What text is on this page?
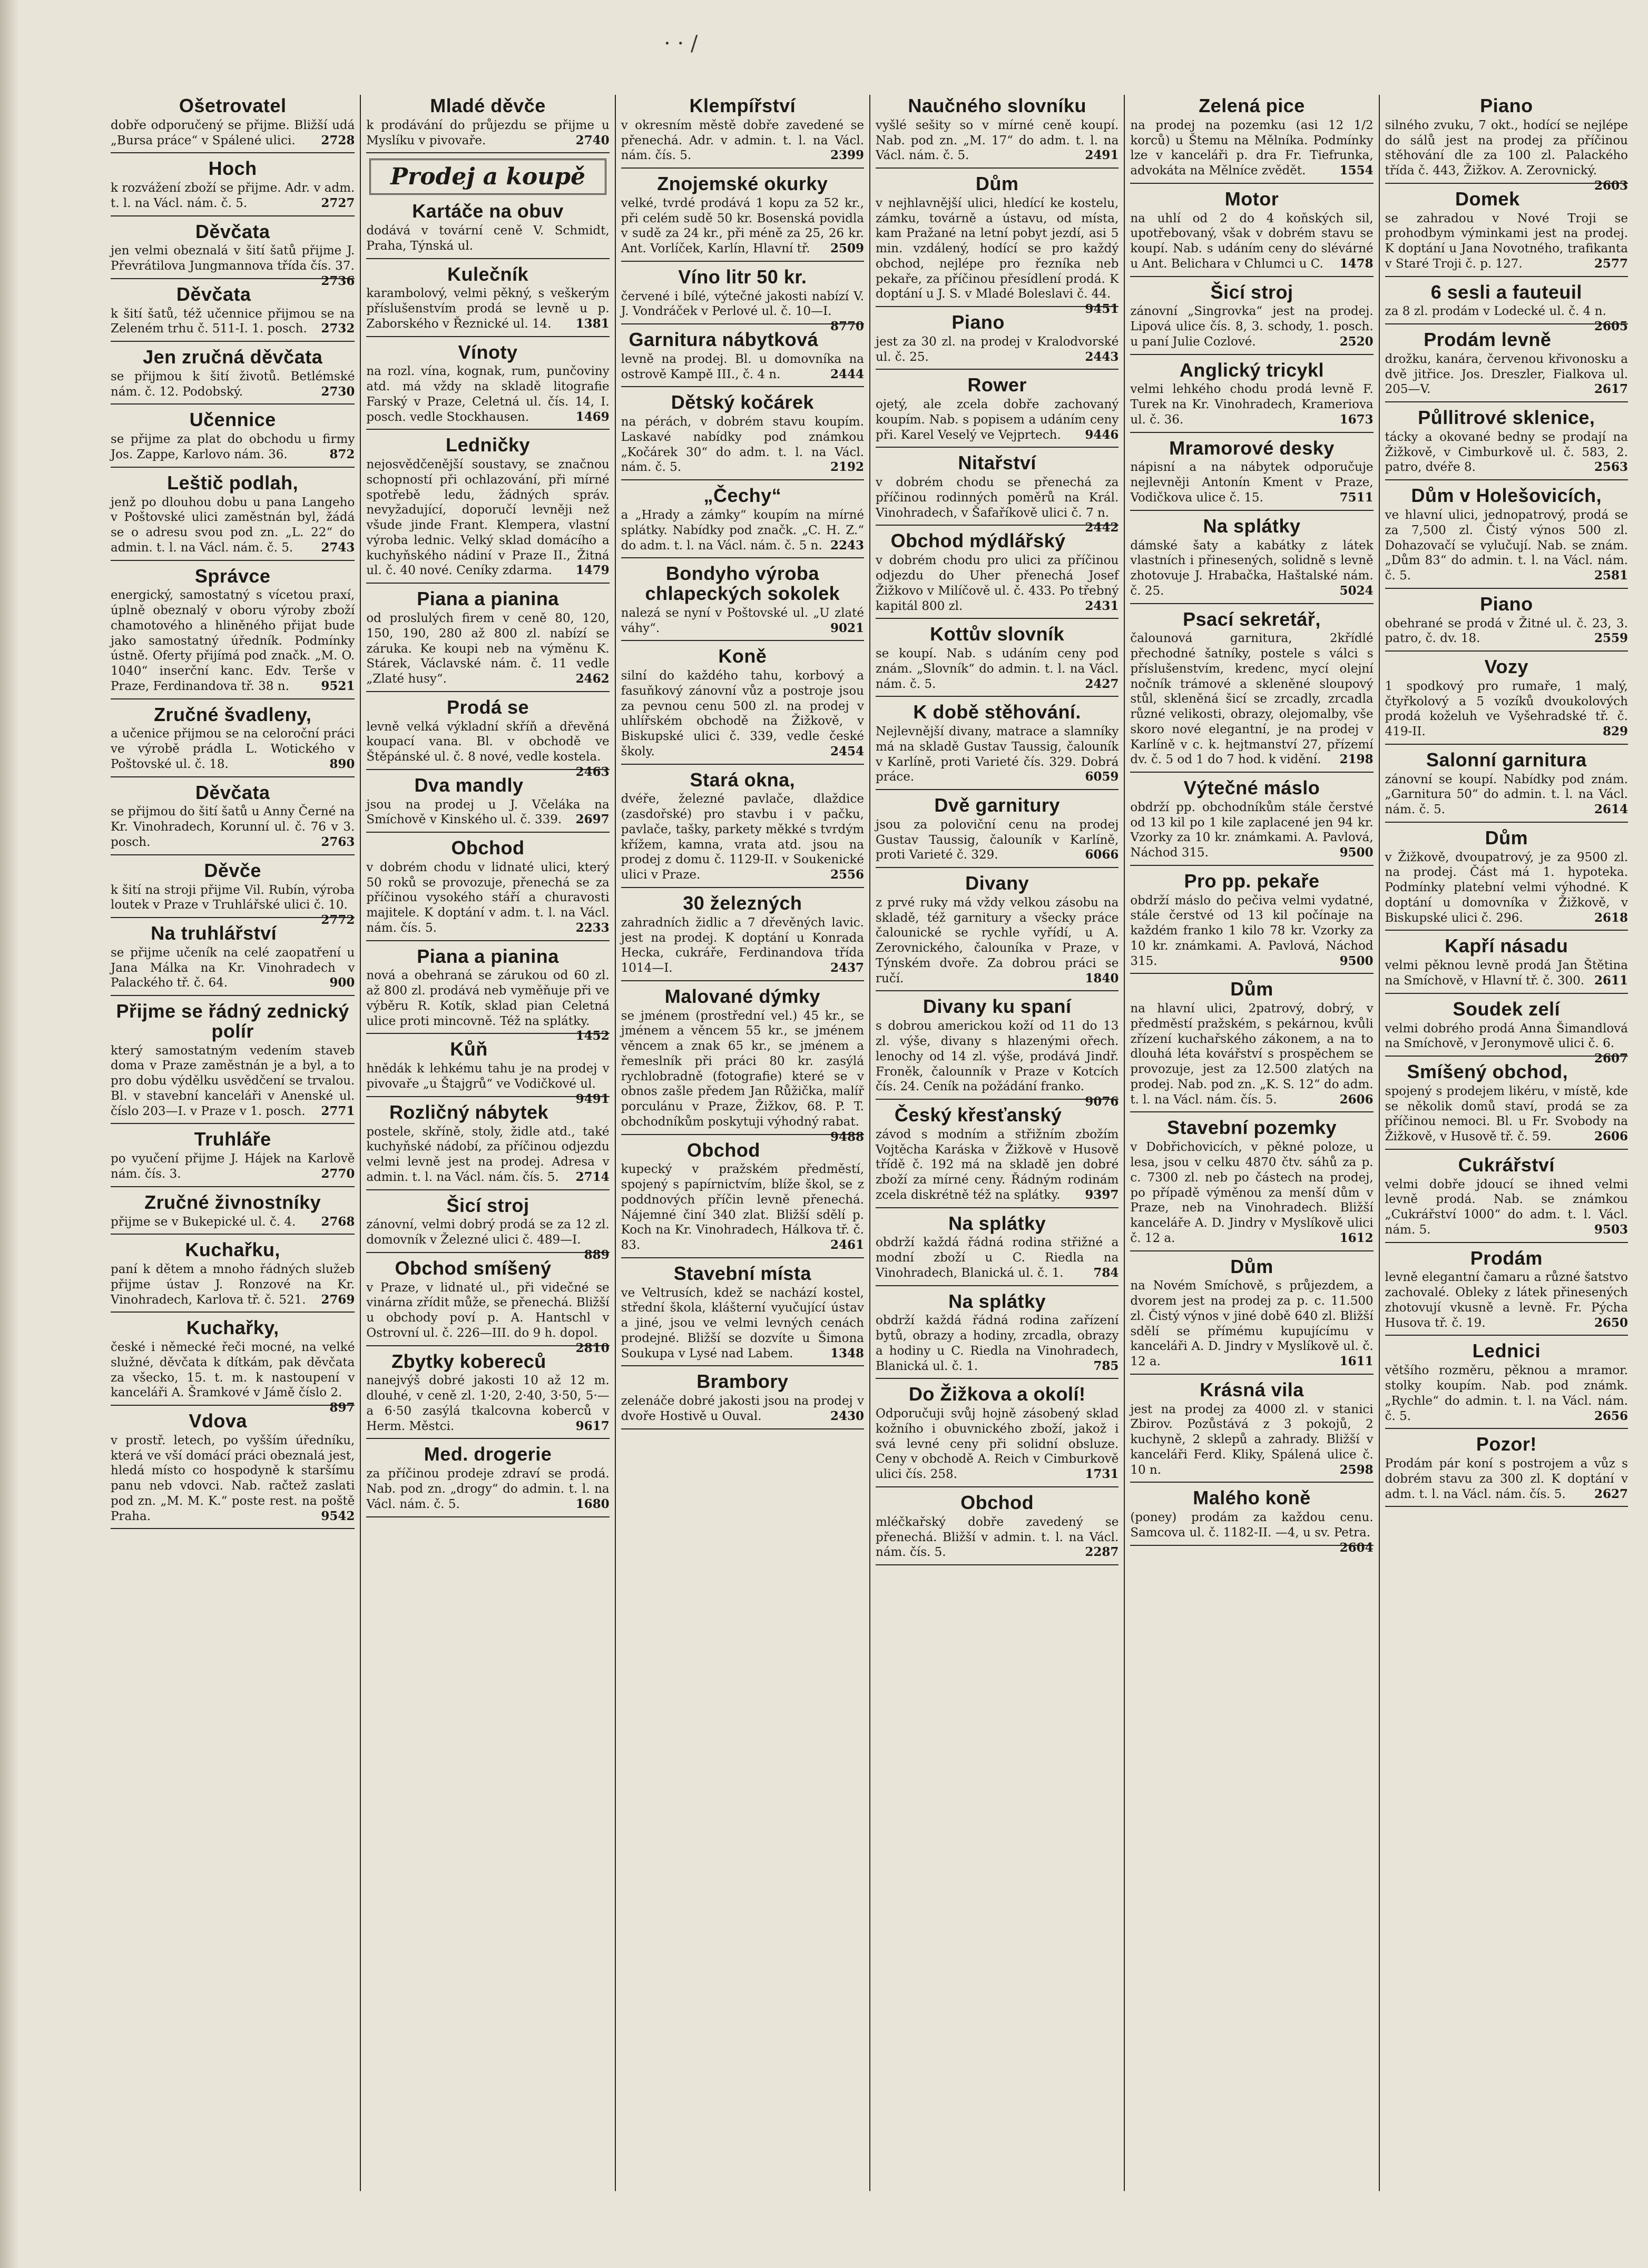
· · /
Ošetrovatel
dobře odporučený se přijme. Bližší udá „Bursa práce“ v Spálené ulici. 2728
Hoch
k rozvážení zboží se přijme. Adr. v adm. t. l. na Václ. nám. č. 5.	2727
Děvčata
jen velmi obeznalá v šití šatů přijme J. Převrátilova Jungmannova třída čís. 37.
2736
Děvčata
k šití šatů, též učennice přijmou se na Zeleném trhu č. 511-I. 1. posch. 2732
Jen zručná děvčata
se přijmou k šití životů. Betlémské nám. č. 12. Podobský.	2730
Učennice
se přijme za plat do obchodu u firmy Jos. Zappe, Karlovo nám. 36.	872
Leštič podlah,
jenž po dlouhou dobu u pana Langeho v Poštovské ulici zaměstnán byl, žádá se o adresu svou pod zn. „L. 22“ do admin. t. l. na Václ. nám. č. 5. 2743
Správce
energický, samostatný s vícetou praxí, úplně obeznalý v oboru výroby zboží chamotového a hliněného přijat bude jako samostatný úředník. Podmínky ústně. Oferty přijímá pod značk. „M. O. 1040“ inserční kanc. Edv. Terše v Praze, Ferdinandova tř. 38 n.	9521
Zručné švadleny,
a učenice přijmou se na celoroční práci ve výrobě prádla L. Wotického v Poštovské ul. č. 18.	890
Děvčata
se přijmou do šití šatů u Anny Černé na Kr. Vinohradech, Korunní ul. č. 76 v 3. posch.	2763
Děvče
k šití na stroji přijme Vil. Rubín, výroba loutek v Praze v Truhlářské ulici č. 10.
2772
Na truhlářství
se přijme učeník na celé zaopatření u Jana Málka na Kr. Vinohradech v Palackého tř. č. 64.	900
Přijme se řádný zednický polír
který samostatným vedením staveb doma v Praze zaměstnán je a byl, a to pro dobu výdělku usvědčení se trvalou. Bl. v stavební kanceláři v Anenské ul. číslo 203—I. v Praze v 1. posch. 2771
Truhláře
po vyučení přijme J. Hájek na Karlově nám. čís. 3.	2770
Zručné živnostníky
přijme se v Bukepické ul. č. 4. 2768
Kuchařku,
paní k dětem a mnoho řádných služeb přijme ústav J. Ronzové na Kr. Vinohradech, Karlova tř. č. 521. 2769
Kuchařky,
české i německé řeči mocné, na velké služné, děvčata k dítkám, pak děvčata za všecko, 15. t. m. k nastoupení v kanceláři A. Šramkové v Jámě číslo 2.
897
Vdova
v prostř. letech, po vyšším úředníku, která ve vší domácí práci obeznalá jest, hledá místo co hospodyně k staršímu panu neb vdovci. Nab. račtež zaslati pod zn. „M. M. K.“ poste rest. na poště Praha.	9542
Mladé děvče
k prodávání do průjezdu se přijme u Myslíku v pivovaře.	2740
Prodej a koupě
Kartáče na obuv
dodává v tovární ceně V. Schmidt, Praha, Týnská ul.
Kulečník
karambolový, velmi pěkný, s veškerým příslušenstvím prodá se levně u p. Zaborského v Řeznické ul. 14. 1381
Vínoty
na rozl. vína, kognak, rum, punčoviny atd. má vždy na skladě litografie Farský v Praze, Celetná ul. čís. 14, I. posch. vedle Stockhausen.	1469
Ledničky
nejosvědčenější soustavy, se značnou schopností při ochlazování, při mírné spotřebě ledu, žádných správ. nevyžadující, doporučí levněji než všude jinde Frant. Klempera, vlastní výroba lednic. Velký sklad domácího a kuchyňského nádiní v Praze II., Žitná ul. č. 40 nové. Ceníky zdarma. 1479
Piana a pianina
od proslulých firem v ceně 80, 120, 150, 190, 280 až 800 zl. nabízí se záruka. Ke koupi neb na výměnu K. Stárek, Václavské nám. č. 11 vedle „Zlaté husy“.	2462
Prodá se
levně velká výkladní skříň a dřevěná koupací vana. Bl. v obchodě ve Štěpánské ul. č. 8 nové, vedle kostela.
2463
Dva mandly
jsou na prodej u J. Včeláka na Smíchově v Kinského ul. č. 339. 2697
Obchod
v dobrém chodu v lidnaté ulici, který 50 roků se provozuje, přenechá se za příčinou vysokého stáří a churavosti majitele. K doptání v adm. t. l. na Václ. nám. čís. 5.	2233
Piana a pianina
nová a obehraná se zárukou od 60 zl. až 800 zl. prodává neb vyměňuje při ve výběru R. Kotík, sklad pian Celetná ulice proti mincovně. Též na splátky.
1452
Kůň
hnědák k lehkému tahu je na prodej v pivovaře „u Štajgrů“ ve Vodičkové ul.
9491
Rozličný nábytek
postele, skříně, stoly, židle atd., také kuchyňské nádobí, za příčinou odjezdu velmi levně jest na prodej. Adresa v admin. t. l. na Václ. nám. čís. 5. 2714
Šicí stroj
zánovní, velmi dobrý prodá se za 12 zl. domovník v Železné ulici č. 489—I.
889
Obchod smíšený
v Praze, v lidnaté ul., při videčné se vinárna zřídit může, se přenechá. Bližší u obchody poví p. A. Hantschl v Ostrovní ul. č. 226—III. do 9 h. dopol.
2810
Zbytky kobereců
nanejvýš dobré jakosti 10 až 12 m. dlouhé, v ceně zl. 1·20, 2·40, 3·50, 5·— a 6·50 zasýlá tkalcovna koberců v Herm. Městci.	9617
Med. drogerie
za příčinou prodeje zdraví se prodá. Nab. pod zn. „drogy“ do admin. t. l. na Václ. nám. č. 5.	1680
Klempířství
v okresním městě dobře zavedené se přenechá. Adr. v admin. t. l. na Václ. nám. čís. 5.	2399
Znojemské okurky
velké, tvrdé prodává 1 kopu za 52 kr., při celém sudě 50 kr. Bosenská povidla v sudě za 24 kr., při méně za 25, 26 kr. Ant. Vorlíček, Karlín, Hlavní tř. 2509
Víno litr 50 kr.
červené i bílé, výtečné jakosti nabízí V. J. Vondráček v Perlové ul. č. 10—I.
8770
Garnitura nábytková
levně na prodej. Bl. u domovníka na ostrově Kampě III., č. 4 n.	2444
Dětský kočárek
na pérách, v dobrém stavu koupím. Laskavé nabídky pod známkou „Kočárek 30“ do adm. t. l. na Václ. nám. č. 5.	2192
„Čechy“
a „Hrady a zámky“ koupím na mírné splátky. Nabídky pod značk. „C. H. Z.“ do adm. t. l. na Václ. nám. č. 5 n. 2243
Bondyho výroba chlapeckých sokolek
nalezá se nyní v Poštovské ul. „U zlaté váhy“.	9021
Koně
silní do každého tahu, korbový a fasuňkový zánovní vůz a postroje jsou za pevnou cenu 500 zl. na prodej v uhlířském obchodě na Žižkově, v Biskupské ulici č. 339, vedle české školy.	2454
Stará okna,
dvéře, železné pavlače, dlaždice (zasdořské) pro stavbu i v pačku, pavlače, tašky, parkety měkké s tvrdým křížem, kamna, vrata atd. jsou na prodej z domu č. 1129-II. v Soukenické ulici v Praze.	2556
30 železných
zahradních židlic a 7 dřevěných lavic. jest na prodej. K doptání u Konrada Hecka, cukráře, Ferdinandova třída 1014—I.	2437
Malované dýmky
se jménem (prostřední vel.) 45 kr., se jménem a věncem 55 kr., se jménem věncem a znak 65 kr., se jménem a řemeslník při práci 80 kr. zasýlá rychlobradně (fotografie) které se v obnos zašle předem Jan Růžička, malíř porculánu v Praze, Žižkov, 68. P. T. obchodníkům poskytuji výhodný rabat.
9488
Obchod
kupecký v pražském předměstí, spojený s papírnictvím, blíže škol, se z poddnových příčin levně přenechá. Nájemné činí 340 zlat. Bližší sdělí p. Koch na Kr. Vinohradech, Hálkova tř. č. 83.	2461
Stavební místa
ve Veltrusích, kdež se nachází kostel, střední škola, klášterní vyučující ústav a jiné, jsou ve velmi levných cenách prodejné. Bližší se dozvíte u Šimona Soukupa v Lysé nad Labem.	1348
Brambory
zelenáče dobré jakosti jsou na prodej v dvoře Hostivě u Ouval.	2430
Naučného slovníku
vyšlé sešity so v mírné ceně koupí. Nab. pod zn. „M. 17“ do adm. t. l. na Václ. nám. č. 5.	2491
Dům
v nejhlavnější ulici, hledící ke kostelu, zámku, továrně a ústavu, od místa, kam Pražané na letní pobyt jezdí, asi 5 min. vzdálený, hodící se pro každý obchod, nejlépe pro řezníka neb pekaře, za příčinou přesídlení prodá. K doptání u J. S. v Mladé Boleslavi č. 44.
9451
Piano
jest za 30 zl. na prodej v Kralodvorské ul. č. 25.	2443
Rower
ojetý, ale zcela dobře zachovaný koupím. Nab. s popisem a udáním ceny při. Karel Veselý ve Vejprtech. 9446
Nitařství
v dobrém chodu se přenechá za příčinou rodinných poměrů na Král. Vinohradech, v Šafaříkově ulici č. 7 n.
2442
Obchod mýdlářský
v dobrém chodu pro ulici za příčinou odjezdu do Uher přenechá Josef Žižkovo v Milíčově ul. č. 433. Po třebný kapitál 800 zl.	2431
Kottův slovník
se koupí. Nab. s udáním ceny pod znám. „Slovník“ do admin. t. l. na Václ. nám. č. 5.	2427
K době stěhování.
Nejlevnější divany, matrace a slamníky má na skladě Gustav Taussig, čalouník v Karlíně, proti Varieté čís. 329. Dobrá práce.	6059
Dvě garnitury
jsou za poloviční cenu na prodej Gustav Taussig, čalouník v Karlíně, proti Varieté č. 329.	6066
Divany
z prvé ruky má vždy velkou zásobu na skladě, též garnitury a všecky práce čalounické se rychle vyřídí, u A. Zerovnického, čalouníka v Praze, v Týnském dvoře. Za dobrou práci se ručí.	1840
Divany ku spaní
s dobrou americkou koží od 11 do 13 zl. výše, divany s hlazenými ořech. lenochy od 14 zl. výše, prodává Jindř. Froněk, čalounník v Praze v Kotcích čís. 24. Ceník na požádání franko.
9076
Český křesťanský
závod s modním a střižním zbožím Vojtěcha Karáska v Žižkově v Husově třídě č. 192 má na skladě jen dobré zboží za mírné ceny. Řádným rodinám zcela diskrétně též na splátky. 9397
Na splátky
obdrží každá řádná rodina střižné a modní zboží u C. Riedla na Vinohradech, Blanická ul. č. 1. 784
Na splátky
obdrží každá řádná rodina zařízení bytů, obrazy a hodiny, zrcadla, obrazy a hodiny u C. Riedla na Vinohradech, Blanická ul. č. 1.	785
Do Žižkova a okolí!
Odporučuji svůj hojně zásobený sklad kožního i obuvnického zboží, jakož i svá levné ceny při solidní obsluze. Ceny v obchodě A. Reich v Cimburkově ulici čís. 258.	1731
Obchod
mléčkařský dobře zavedený se přenechá. Bližší v admin. t. l. na Václ. nám. čís. 5.	2287
Zelená pice
na prodej na pozemku (asi 12 1/2 korců) u Štemu na Mělníka. Podmínky lze v kanceláři p. dra Fr. Tiefrunka, advokáta na Mělníce zvědět.	1554
Motor
na uhlí od 2 do 4 koňských sil, upotřebovaný, však v dobrém stavu se koupí. Nab. s udáním ceny do slévárné u Ant. Belichara v Chlumci u C. 1478
Šicí stroj
zánovní „Singrovka“ jest na prodej. Lipová ulice čís. 8, 3. schody, 1. posch. u paní Julie Cozlové.	2520
Anglický tricykl
velmi lehkého chodu prodá levně F. Turek na Kr. Vinohradech, Krameriova ul. č. 36.	1673
Mramorové desky
nápisní a na nábytek odporučuje nejlevněji Antonín Kment v Praze, Vodičkova ulice č. 15.	7511
Na splátky
dámské šaty a kabátky z látek vlastních i přinesených, solidně s levně zhotovuje J. Hrabačka, Haštalské nám. č. 25.	5024
Psací sekretář,
čalounová garnitura, 2křídlé přechodné šatníky, postele s válci s příslušenstvím, kredenc, mycí olejní nočník trámové a skleněné sloupový stůl, skleněná šicí se zrcadly, zrcadla různé velikosti, obrazy, olejomalby, vše skoro nové elegantní, je na prodej v Karlíně v c. k. hejtmanství 27, přízemí dv. č. 5 od 1 do 7 hod. k vidění. 2198
Výtečné máslo
obdrží pp. obchodníkům stále čerstvé od 13 kil po 1 kile zaplacené jen 94 kr. Vzorky za 10 kr. známkami. A. Pavlová, Náchod 315.	9500
Pro pp. pekaře
obdrží máslo do pečiva velmi vydatné, stále čerstvé od 13 kil počínaje na každém franko 1 kilo 78 kr. Vzorky za 10 kr. známkami. A. Pavlová, Náchod 315.	9500
Dům
na hlavní ulici, 2patrový, dobrý, v předměstí pražském, s pekárnou, kvůli zřízení kuchařského zákonem, a na to dlouhá léta kovářství s prospěchem se provozuje, jest za 12.500 zlatých na prodej. Nab. pod zn. „K. S. 12“ do adm. t. l. na Václ. nám. čís. 5.	2606
Stavební pozemky
v Dobřichovicích, v pěkné poloze, u lesa, jsou v celku 4870 čtv. sáhů za p. c. 7300 zl. neb po částech na prodej, po případě výměnou za menší dům v Praze, neb na Vinohradech. Bližší kanceláře A. D. Jindry v Myslíkově ulici č. 12 a.	1612
Dům
na Novém Smíchově, s průjezdem, a dvorem jest na prodej za p. c. 11.500 zl. Čistý výnos v jiné době 640 zl. Bližší sdělí se přímému kupujícímu v kanceláři A. D. Jindry v Myslíkově ul. č. 12 a.	1611
Krásná vila
jest na prodej za 4000 zl. v stanici Zbirov. Pozůstává z 3 pokojů, 2 kuchyně, 2 sklepů a zahrady. Bližší v kanceláři Ferd. Kliky, Spálená ulice č. 10 n.	2598
Malého koně
(poney) prodám za každou cenu. Samcova ul. č. 1182-II. —4, u sv. Petra.
2604
Piano
silného zvuku, 7 okt., hodící se nejlépe do sálů jest na prodej za příčinou stěhování dle za 100 zl. Palackého třída č. 443, Žižkov. A. Zerovnický.
2603
Domek
se zahradou v Nové Troji se prohodbym výminkami jest na prodej. K doptání u Jana Novotného, trafikanta v Staré Troji č. p. 127.	2577
6 sesli a fauteuil
za 8 zl. prodám v Lodecké ul. č. 4 n.
2605
Prodám levně
drožku, kanára, červenou křivonosku a dvě jitřice. Jos. Dreszler, Fialkova ul. 205—V.	2617
Půllitrové sklenice,
tácky a okované bedny se prodají na Žižkově, v Cimburkově ul. č. 583, 2. patro, dvéře 8.	2563
Dům v Holešovicích,
ve hlavní ulici, jednopatrový, prodá se za 7,500 zl. Čistý výnos 500 zl. Dohazovačí se vylučují. Nab. se znám. „Dům 83“ do admin. t. l. na Václ. nám. č. 5.	2581
Piano
obehrané se prodá v Žitné ul. č. 23, 3. patro, č. dv. 18.	2559
Vozy
1 spodkový pro rumaře, 1 malý, čtyřkolový a 5 vozíků dvoukolových prodá koželuh ve Vyšehradské tř. č. 419-II.	829
Salonní garnitura
zánovní se koupí. Nabídky pod znám. „Garnitura 50“ do admin. t. l. na Václ. nám. č. 5.	2614
Dům
v Žižkově, dvoupatrový, je za 9500 zl. na prodej. Část má 1. hypoteka. Podmínky platební velmi výhodné. K doptání u domovníka v Žižkově, v Biskupské ulici č. 296.	2618
Kapří násadu
velmi pěknou levně prodá Jan Štětina na Smíchově, v Hlavní tř. č. 300. 2611
Soudek zelí
velmi dobrého prodá Anna Šimandlová na Smíchově, v Jeronymově ulici č. 6.
2607
Smíšený obchod,
spojený s prodejem likéru, v místě, kde se několik domů staví, prodá se za příčinou nemoci. Bl. u Fr. Svobody na Žižkově, v Husově tř. č. 59.	2606
Cukrářství
velmi dobře jdoucí se ihned velmi levně prodá. Nab. se známkou „Cukrářství 1000“ do adm. t. l. Václ. nám. 5.	9503
Prodám
levně elegantní čamaru a různé šatstvo zachovalé. Obleky z látek přinesených zhotovují vkusně a levně. Fr. Pýcha Husova tř. č. 19.	2650
Lednici
většího rozměru, pěknou a mramor. stolky koupím. Nab. pod známk. „Rychle“ do admin. t. l. na Václ. nám. č. 5.	2656
Pozor!
Prodám pár koní s postrojem a vůz s dobrém stavu za 300 zl. K doptání v adm. t. l. na Václ. nám. čís. 5. 2627
